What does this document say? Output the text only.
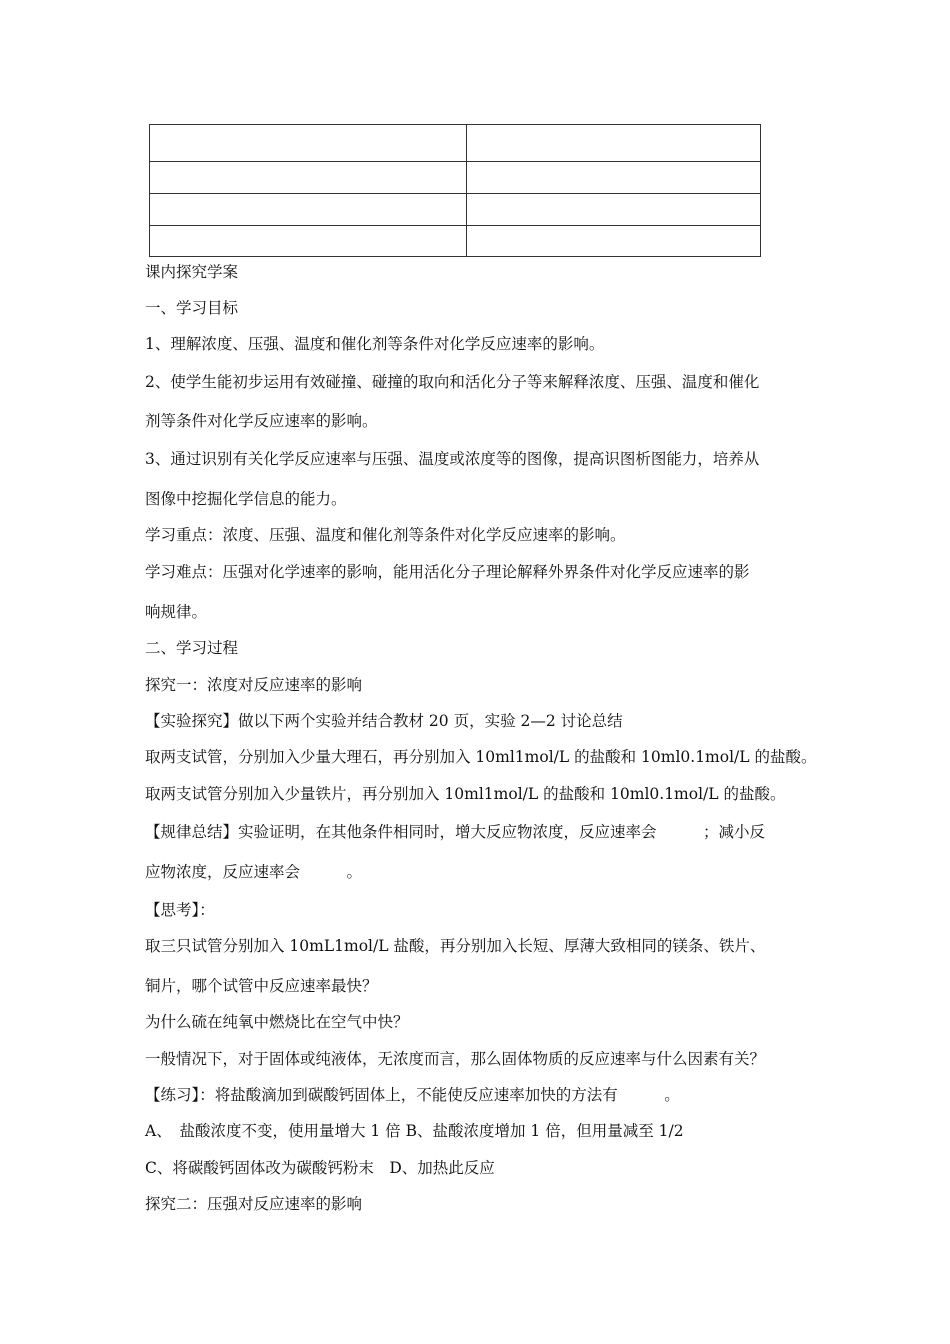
课内探究学案
一、学习目标
1、理解浓度、压强、温度和催化剂等条件对化学反应速率的影响。
2、使学生能初步运用有效碰撞、碰撞的取向和活化分子等来解释浓度、压强、温度和催化
剂等条件对化学反应速率的影响。
3、通过识别有关化学反应速率与压强、温度或浓度等的图像，提高识图析图能力，培养从
图像中挖掘化学信息的能力。
学习重点：浓度、压强、温度和催化剂等条件对化学反应速率的影响。
学习难点：压强对化学速率的影响，能用活化分子理论解释外界条件对化学反应速率的影
响规律。
二、学习过程
探究一：浓度对反应速率的影响
【实验探究】做以下两个实验并结合教材 20 页，实验 2—2 讨论总结
取两支试管，分别加入少量大理石，再分别加入 10ml1mol/L 的盐酸和 10ml0.1mol/L 的盐酸。
取两支试管分别加入少量铁片，再分别加入 10ml1mol/L 的盐酸和 10ml0.1mol/L 的盐酸。
【规律总结】实验证明，在其他条件相同时，增大反应物浓度，反应速率会　　　；减小反
应物浓度，反应速率会　　　。
【思考】：
取三只试管分别加入 10mL1mol/L 盐酸，再分别加入长短、厚薄大致相同的镁条、铁片、
铜片，哪个试管中反应速率最快？
为什么硫在纯氧中燃烧比在空气中快？
一般情况下，对于固体或纯液体，无浓度而言，那么固体物质的反应速率与什么因素有关？
【练习】：将盐酸滴加到碳酸钙固体上，不能使反应速率加快的方法有　　　。
A、　盐酸浓度不变，使用量增大 1 倍 B、盐酸浓度增加 1 倍，但用量减至 1/2
C、将碳酸钙固体改为碳酸钙粉末　D、加热此反应
探究二：压强对反应速率的影响
